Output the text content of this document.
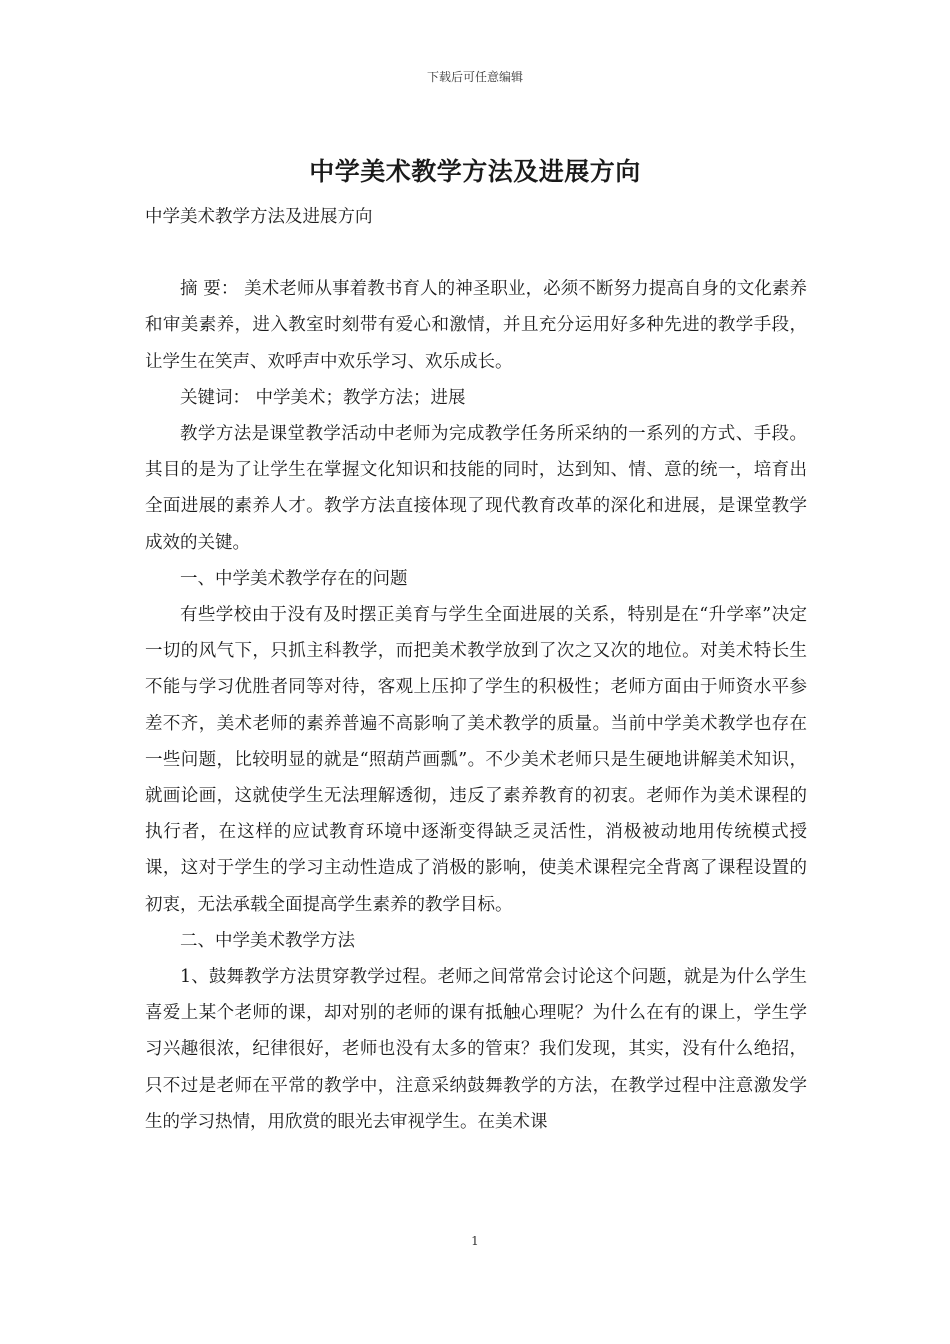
下载后可任意编辑
中学美术教学方法及进展方向

中学美术教学方法及进展方向

摘 要： 美术老师从事着教书育人的神圣职业，必须不断努力提高自身的文化素养和审美素养，进入教室时刻带有爱心和激情，并且充分运用好多种先进的教学手段，让学生在笑声、欢呼声中欢乐学习、欢乐成长。

关键词： 中学美术；教学方法；进展

教学方法是课堂教学活动中老师为完成教学任务所采纳的一系列的方式、手段。其目的是为了让学生在掌握文化知识和技能的同时，达到知、情、意的统一，培育出全面进展的素养人才。教学方法直接体现了现代教育改革的深化和进展，是课堂教学成效的关键。

一、中学美术教学存在的问题

有些学校由于没有及时摆正美育与学生全面进展的关系，特别是在“升学率”决定一切的风气下，只抓主科教学，而把美术教学放到了次之又次的地位。对美术特长生不能与学习优胜者同等对待，客观上压抑了学生的积极性；老师方面由于师资水平参差不齐，美术老师的素养普遍不高影响了美术教学的质量。当前中学美术教学也存在一些问题，比较明显的就是“照葫芦画瓢”。不少美术老师只是生硬地讲解美术知识，就画论画，这就使学生无法理解透彻，违反了素养教育的初衷。老师作为美术课程的执行者，在这样的应试教育环境中逐渐变得缺乏灵活性，消极被动地用传统模式授课，这对于学生的学习主动性造成了消极的影响，使美术课程完全背离了课程设置的初衷，无法承载全面提高学生素养的教学目标。

二、中学美术教学方法

1、鼓舞教学方法贯穿教学过程。老师之间常常会讨论这个问题，就是为什么学生喜爱上某个老师的课，却对别的老师的课有抵触心理呢？为什么在有的课上，学生学习兴趣很浓，纪律很好，老师也没有太多的管束？我们发现，其实，没有什么绝招，只不过是老师在平常的教学中，注意采纳鼓舞教学的方法，在教学过程中注意激发学生的学习热情，用欣赏的眼光去审视学生。在美术课

1
